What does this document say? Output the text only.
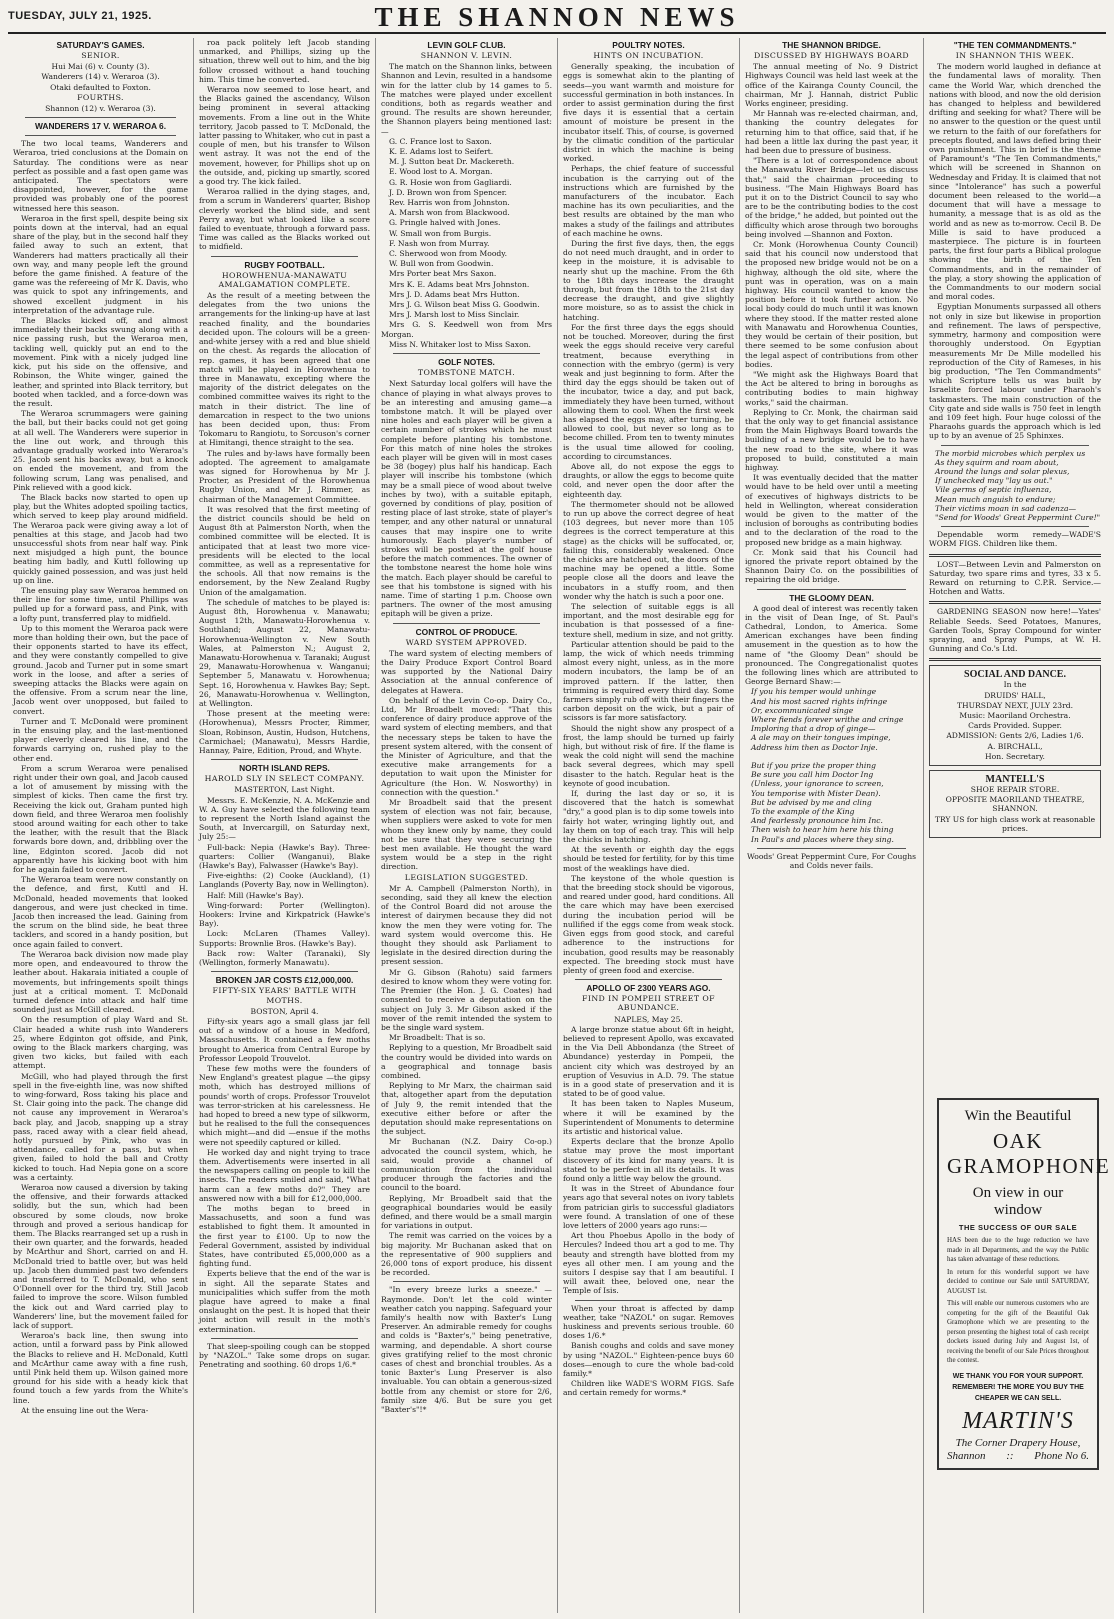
TUESDAY, JULY 21, 1925.	THE SHANNON NEWS
SATURDAY'S GAMES.
SENIOR.

Hui Mai (6) v. County (3).

Wanderers (14) v. Weraroa (3).

Otaki defaulted to Foxton.

FOURTHS.

Shannon (12) v. Weraroa (3).

WANDERERS 17 V. WERAROA 6.

The two local teams, Wanderers and Weraroa, tried conclusions at the Domain on Saturday. The conditions were as near perfect as possible and a fast open game was anticipated. The spectators were disappointed, however, for the game provided was probably one of the poorest witnessed here this season.

Weraroa in the first spell, despite being six points down at the interval, had an equal share of the play, but in the second half they failed away to such an extent, that Wanderers had matters practically all their own way, and many people left the ground before the game finished. A feature of the game was the refereeing of Mr K. Davis, who was quick to spot any infringements, and showed excellent judgment in his interpretation of the advantage rule.

The Blacks kicked off, and almost immediately their backs swung along with a nice passing rush, but the Weraroa men, tackling well, quickly put an end to the movement. Pink with a nicely judged line kick, put his side on the offensive, and Robinson, the White winger, gained the leather, and sprinted into Black territory, but booted when tackled, and a force-down was the result.

The Weraroa scrummagers were gaining the ball, but their backs could not get going at all well. The Wanderers were superior in the line out work, and through this advantage gradually worked into Weraroa's 25. Jacob sent his backs away, but a knock on ended the movement, and from the following scrum, Lang was penalised, and Pink relieved with a good kick.

The Black backs now started to open up play, but the Whites adopted spoiling tactics, which served to keep play around midfield. The Weraroa pack were giving away a lot of penalties at this stage, and Jacob had two unsuccessful shots from near half way. Pink next misjudged a high punt, the bounce beating him badly, and Kuttl following up quickly gained possession, and was just held up on line.

The ensuing play saw Weraroa hemmed on their line for some time, until Phillips was pulled up for a forward pass, and Pink, with a lofty punt, transferred play to midfield.

Up to this moment the Weraroa pack were more than holding their own, but the pace of their opponents started to have its effect, and they were constantly compelled to give ground. Jacob and Turner put in some smart work in the loose, and after a series of sweeping attacks the Blacks were again on the offensive. From a scrum near the line, Jacob went over unopposed, but failed to convert.

Turner and T. McDonald were prominent in the ensuing play, and the last-mentioned player cleverly cleared his line, and the forwards carrying on, rushed play to the other end.

From a scrum Weraroa were penalised right under their own goal, and Jacob caused a lot of amusement by missing with the simplest of kicks. Then came the first try. Receiving the kick out, Graham punted high down field, and three Weraroa men foolishly stood around waiting for each other to take the leather, with the result that the Black forwards bore down, and, dribbling over the line, Edginton scored. Jacob did not apparently have his kicking boot with him for he again failed to convert.

The Weraroa team were now constantly on the defence, and first, Kuttl and H. McDonald, headed movements that looked dangerous, and were just checked in time. Jacob then increased the lead. Gaining from the scrum on the blind side, he beat three tacklers, and scored in a handy position, but once again failed to convert.

The Weraroa back division now made play more open, and endeavoured to throw the leather about. Hakaraia initiated a couple of movements, but infringements spoilt things just at a critical moment. T. McDonald turned defence into attack and half time sounded just as McGill cleared.

On the resumption of play Ward and St. Clair headed a white rush into Wanderers 25, where Edginton got offside, and Pink, owing to the Black markers charging, was given two kicks, but failed with each attempt.

McGill, who had played through the first spell in the five-eighth line, was now shifted to wing-forward, Ross taking his place and St. Clair going into the pack. The change did not cause any improvement in Weraroa's back play, and Jacob, snapping up a stray pass, raced away with a clear field ahead, hotly pursued by Pink, who was in attendance, called for a pass, but when given, failed to hold the ball and Crotty kicked to touch. Had Nepia gone on a score was a certainty.

Weraroa now caused a diversion by taking the offensive, and their forwards attacked solidly, but the sun, which had been obscured by some clouds, now broke through and proved a serious handicap for them. The Blacks rearranged set up a rush in their own quarter, and the forwards, headed by McArthur and Short, carried on and H. McDonald tried to battle over, but was held up. Jacob then dummied past two defenders and transferred to T. McDonald, who sent O'Donnell over for the third try. Still Jacob failed to improve the score. Wilson fumbled the kick out and Ward carried play to Wanderers' line, but the movement failed for lack of support.

Weraroa's back line, then swung into action, until a forward pass by Pink allowed the Blacks to relieve and H. McDonald, Kuttl and McArthur came away with a fine rush, until Pink held them up. Wilson gained more ground for his side with a heady kick that found touch a few yards from the White's line.

At the ensuing line out the Wera-

roa pack politely left Jacob standing unmarked, and Phillips, sizing up the situation, threw well out to him, and the big follow crossed without a hand touching him. This time he converted.

Weraroa now seemed to lose heart, and the Blacks gained the ascendancy, Wilson being prominent in several attacking movements. From a line out in the White territory, Jacob passed to T. McDonald, the latter passing to Whitaker, who cut in past a couple of men, but his transfer to Wilson went astray. It was not the end of the movement, however, for Phillips shot up on the outside, and, picking up smartly, scored a good try. The kick failed.

Weraroa rallied in the dying stages, and, from a scrum in Wanderers' quarter, Bishop cleverly worked the blind side, and sent Perry away, but what looked like a score failed to eventuate, through a forward pass. Time was called as the Blacks worked out to midfield.

RUGBY FOOTBALL.
HOROWHENUA-MANAWATU AMALGAMATION COMPLETE.

As the result of a meeting between the delegates from the two unions the arrangements for the linking-up have at last reached finality, and the boundaries decided upon. The colours will be a green-and-white jersey with a red and blue shield on the chest. As regards the allocation of rep. games, it has been agreed that one match will be played in Horowhenua to three in Manawatu, excepting where the majority of the district delegates on the combined committee waives its right to the match in their district. The line of demarcation in respect to the two unions has been decided upon, thus: From Tokomaru to Rangiotu, to Sorcuson's corner at Himitangi, thence straight to the sea.

The rules and by-laws have formally been adopted. The agreement to amalgamate was signed for Horowhenua by Mr J. Procter, as President of the Horowhenua Rugby Union, and Mr J. Rimmer, as chairman of the Management Committee.

It was resolved that the first meeting of the district councils should be held on August 8th at Palmerston North, when the combined committee will be elected. It is anticipated that at least two more vice-presidents will be elected to the local committee, as well as a representative for the schools. All that now remains is the endorsement, by the New Zealand Rugby Union of the amalgamation.

The schedule of matches to be played is: August 8th, Horowhenua v. Manawatu; August 12th, Manawatu-Horowhenua v. Southland; August 22, Manawatu-Horowhenua-Wellington v. New South Wales, at Palmerston N.; August 2, Manawatu-Horowhenua v. Taranaki; August 29, Manawatu-Horowhenua v. Wanganui; September 5, Manawatu v. Horowhenua; Sept. 16, Horowhenua v. Hawkes Bay; Sept. 26, Manawatu-Horowhenua v. Wellington, at Wellington.

Those present at the meeting were: (Horowhenua), Messrs Procter, Rimmer, Sloan, Robinson, Austin, Hudson, Hutchens, Carmichael; (Manawatu), Messrs Hardie, Hannay, Paire, Edition, Proud, and Whyte.

NORTH ISLAND REPS.
HAROLD SLY IN SELECT COMPANY.

MASTERTON, Last Night.

Messrs. E. McKenzie, N. A. McKenzie and W. A. Guy have selected the following team to represent the North Island against the South, at Invercargill, on Saturday next, July 25:—

Full-back: Nepia (Hawke's Bay). Three-quarters: Collier (Wanganui), Blake (Hawke's Bay), Falwasser (Hawke's Bay).

Five-eighths: (2) Cooke (Auckland), (1) Langlands (Poverty Bay, now in Wellington).

Half: Mill (Hawke's Bay).

Wing-forward: Porter (Wellington). Hookers: Irvine and Kirkpatrick (Hawke's Bay).

Lock: McLaren (Thames Valley). Supports: Brownlie Bros. (Hawke's Bay).

Back row: Walter (Taranaki), Sly (Wellington, formerly Manawatu).

BROKEN JAR COSTS £12,000,000.
FIFTY-SIX YEARS' BATTLE WITH MOTHS.

BOSTON, April 4.

Fifty-six years ago a small glass jar fell out of a window of a house in Medford, Massachusetts. It contained a few moths brought to America from Central Europe by Professor Leopold Trouvelot.

These few moths were the founders of New England's greatest plague —the gipsy moth, which has destroyed millions of pounds' worth of crops. Professor Trouvelot was terror-stricken at his carelessness. He had hoped to breed a new type of silkworm, but he realised to the full the consequences which might—and did —ensue if the moths were not speedily captured or killed.

He worked day and night trying to trace them. Advertisements were inserted in all the newspapers calling on people to kill the insects. The readers smiled and said, "What harm can a few moths do?" They are answered now with a bill for £12,000,000.

The moths began to breed in Massachusetts, and soon a fund was established to fight them. It amounted in the first year to £100. Up to now the Federal Government, assisted by individual States, have contributed £5,000,000 as a fighting fund.

Experts believe that the end of the war is in sight. All the separate States and municipalities which suffer from the moth plague have agreed to make a final onslaught on the pest. It is hoped that their joint action will result in the moth's extermination.

That sleep-spoiling cough can be stopped by "NAZOL." Take some drops on sugar. Penetrating and soothing. 60 drops 1/6.*

LEVIN GOLF CLUB.
SHANNON V. LEVIN.

The match on the Shannon links, between Shannon and Levin, resulted in a handsome win for the latter club by 14 games to 5. The matches were played under excellent conditions, both as regards weather and ground. The results are shown hereunder, the Shannon players being mentioned last:—

G. C. France lost to Saxon.

K. E. Adams lost to Seifert.

M. J. Sutton beat Dr. Mackereth.

E. Wood lost to A. Morgan.

G. R. Hosie won from Gagliardi.

J. D. Brown won from Spencer.

Rev. Harris won from Johnston.

A. Marsh won from Blackwood.

G. Pringle halved with Jones.

W. Small won from Burgis.

F. Nash won from Murray.

C. Sherwood won from Moody.

W. Bull won from Goodwin.

Mrs Porter beat Mrs Saxon.

Mrs K. E. Adams beat Mrs Johnston.

Mrs J. D. Adams beat Mrs Hutton.

Mrs J. G. Wilson beat Miss G. Goodwin.

Mrs J. Marsh lost to Miss Sinclair.

Mrs G. S. Keedwell won from Mrs Morgan.

Miss N. Whitaker lost to Miss Saxon.

GOLF NOTES.
TOMBSTONE MATCH.

Next Saturday local golfers will have the chance of playing in what always proves to be an interesting and amusing game—a tombstone match. It will be played over nine holes and each player will be given a certain number of strokes which he must complete before planting his tombstone. For this match of nine holes the strokes each player will be given will in most cases be 38 (bogey) plus half his handicap. Each player will inscribe his tombstone (which may be a small piece of wood about twelve inches by two), with a suitable epitaph, governed by conditions of play, position of resting place of last stroke, state of player's temper, and any other natural or unnatural causes that may inspire one to write humorously. Each player's number of strokes will be posted at the golf house before the match commences. The owner of the tombstone nearest the home hole wins the match. Each player should be careful to see that his tombstone is signed with his name. Time of starting 1 p.m. Choose own partners. The owner of the most amusing epitaph will be given a prize.

CONTROL OF PRODUCE.
WARD SYSTEM APPROVED.

The ward system of electing members of the Dairy Produce Export Control Board was supported by the National Dairy Association at the annual conference of delegates at Hawera.

On behalf of the Levin Co-op. Dairy Co., Ltd, Mr Broadbelt moved: "That this conference of dairy produce approve of the ward system of electing members, and that the necessary steps be taken to have the present system altered, with the consent of the Minister of Agriculture, and that the executive make arrangements for a deputation to wait upon the Minister for Agriculture (the Hon. W. Nosworthy) in connection with the question."

Mr Broadbelt said that the present system of election was not fair, because, when suppliers were asked to vote for men whom they knew only by name, they could not be sure that they were securing the best men available. He thought the ward system would be a step in the right direction.

LEGISLATION SUGGESTED.

Mr A. Campbell (Palmerston North), in seconding, said they all knew the election of the Control Board did not arouse the interest of dairymen because they did not know the men they were voting for. The ward system would overcome this. He thought they should ask Parliament to legislate in the desired direction during the present session.

Mr G. Gibson (Rahotu) said farmers desired to know whom they were voting for. The Premier (the Hon. J. G. Coates) had consented to receive a deputation on the subject on July 3. Mr Gibson asked if the mover of the remit intended the system to be the single ward system.

Mr Broadbelt: That is so.

Replying to a question, Mr Broadbelt said the country would be divided into wards on a geographical and tonnage basis combined.

Replying to Mr Marx, the chairman said that, altogether apart from the deputation of July 9, the remit intended that the executive either before or after the deputation should make representations on the subject.

Mr Buchanan (N.Z. Dairy Co-op.) advocated the council system, which, he said, would provide a channel of communication from the individual producer through the factories and the council to the board.

Replying, Mr Broadbelt said that the geographical boundaries would be easily defined, and there would be a small margin for variations in output.

The remit was carried on the voices by a big majority. Mr Buchanan asked that on the representative of 900 suppliers and 26,000 tons of export produce, his dissent be recorded.

"In every breeze lurks a sneeze." —Raymonde. Don't let the cold winter weather catch you napping. Safeguard your family's health now with Baxter's Lung Preserver. An admirable remedy for coughs and colds is "Baxter's," being penetrative, warming, and dependable. A short course gives gratifying relief to the most chronic cases of chest and bronchial troubles. As a tonic Baxter's Lung Preserver is also invaluable. You can obtain a generous-sized bottle from any chemist or store for 2/6, family size 4/6. But be sure you get "Baxter's"!*

POULTRY NOTES.
HINTS ON INCUBATION.

Generally speaking, the incubation of eggs is somewhat akin to the planting of seeds—you want warmth and moisture for successful germination in both instances. In order to assist germination during the first five days it is essential that a certain amount of moisture be present in the incubator itself. This, of course, is governed by the climatic condition of the particular district in which the machine is being worked.

Perhaps, the chief feature of successful incubation is the carrying out of the instructions which are furnished by the manufacturers of the incubator. Each machine has its own peculiarities, and the best results are obtained by the man who makes a study of the failings and attributes of each machine he owns.

During the first five days, then, the eggs do not need much draught, and in order to keep in the moisture, it is advisable to nearly shut up the machine. From the 6th to the 18th days increase the draught through, but from the 18th to the 21st day decrease the draught, and give slightly more moisture, so as to assist the chick in hatching.

For the first three days the eggs should not be touched. Moreover, during the first week the eggs should receive very careful treatment, because everything in connection with the embryo (germ) is very weak and just beginning to form. After the third day the eggs should be taken out of the incubator, twice a day, and put back, immediately they have been turned, without allowing them to cool. When the first week has elapsed the eggs may, after turning, be allowed to cool, but never so long as to become chilled. From ten to twenty minutes is the usual time allowed for cooling, according to circumstances.

Above all, do not expose the eggs to draughts, or allow the eggs to become quite cold, and never open the door after the eighteenth day.

The thermometer should not be allowed to run up above the correct degree of heat (103 degrees, but never more than 105 degrees is the correct temperature at this stage) as the chicks will be suffocated, or, failing this, considerably weakened. Once the chicks are hatched out, the doors of the machine may be opened a little. Some people close all the doors and leave the incubators in a stuffy room, and then wonder why the hatch is such a poor one.

The selection of suitable eggs is all important, and the most desirable egg for incubation is that possessed of a fine-texture shell, medium in size, and not gritty.

Particular attention should be paid to the lamp, the wick of which needs trimming almost every night, unless, as in the more modern incubators, the lamp be of an improved pattern. If the latter, then trimming is required every third day. Some farmers simply rub off with their fingers the carbon deposit on the wick, but a pair of scissors is far more satisfactory.

Should the night show any prospect of a frost, the lamp should be turned up fairly high, but without risk of fire. If the flame is weak the cold night will send the machine back several degrees, which may spell disaster to the hatch. Regular heat is the keynote of good incubation.

If, during the last day or so, it is discovered that the hatch is somewhat "dry," a good plan is to dip some towels into fairly hot water, wringing lightly out, and lay them on top of each tray. This will help the chicks in hatching.

At the seventh or eighth day the eggs should be tested for fertility, for by this time most of the weaklings have died.

The keystone of the whole question is that the breeding stock should be vigorous, and reared under good, hard conditions. All the care which may have been exercised during the incubation period will be nullified if the eggs come from weak stock. Given eggs from good stock, and careful adherence to the instructions for incubation, good results may be reasonably expected. The breeding stock must have plenty of green food and exercise.

APOLLO OF 2300 YEARS AGO.
FIND IN POMPEII STREET OF ABUNDANCE.

NAPLES, May 25.

A large bronze statue about 6ft in height, believed to represent Apollo, was excavated in the Via Dell Abbondanza (the Street of Abundance) yesterday in Pompeii, the ancient city which was destroyed by an eruption of Vesuvius in A.D. 79. The statue is in a good state of preservation and it is stated to be of good value.

It has been taken to Naples Museum, where it will be examined by the Superintendent of Monuments to determine its artistic and historical value.

Experts declare that the bronze Apollo statue may prove the most important discovery of its kind for many years. It is stated to be perfect in all its details. It was found only a little way below the ground.

It was in the Street of Abundance four years ago that several notes on ivory tablets from patrician girls to successful gladiators were found. A translation of one of these love letters of 2000 years ago runs:—

Art thou Phoebus Apollo in the body of Hercules? Indeed thou art a god to me. Thy beauty and strength have blotted from my eyes all other men. I am young and the suitors I despise say that I am beautiful. I will await thee, beloved one, near the Temple of Isis.

When your throat is affected by damp weather, take "NAZOL" on sugar. Removes huskiness and prevents serious trouble. 60 doses 1/6.*

Banish coughs and colds and save money by using "NAZOL." Eighteen-pence buys 60 doses—enough to cure the whole bad-cold family.*

Children like WADE'S WORM FIGS. Safe and certain remedy for worms.*

THE SHANNON BRIDGE.
DISCUSSED BY HIGHWAYS BOARD

The annual meeting of No. 9 District Highways Council was held last week at the office of the Kairanga County Council, the chairman, Mr J. Hannah, district Public Works engineer, presiding.

Mr Hannah was re-elected chairman, and, thanking the country delegates for returning him to that office, said that, if he had been a little lax during the past year, it had been due to pressure of business.

"There is a lot of correspondence about the Manawatu River Bridge—let us discuss that," said the chairman proceeding to business. "The Main Highways Board has put it on to the District Council to say who are to be the contributing bodies to the cost of the bridge," he added, but pointed out the difficulty which arose through two boroughs being involved —Shannon and Foxton.

Cr. Monk (Horowhenua County Council) said that his council now understood that the proposed new bridge would not be on a highway, although the old site, where the punt was in operation, was on a main highway. His council wanted to know the position before it took further action. No local body could do much until it was known where they stood. If the matter rested alone with Manawatu and Horowhenua Counties, they would be certain of their position, but there seemed to be some confusion about the legal aspect of contributions from other bodies.

"We might ask the Highways Board that the Act be altered to bring in boroughs as contributing bodies to main highway works," said the chairman.

Replying to Cr. Monk, the chairman said that the only way to get financial assistance from the Main Highways Board towards the building of a new bridge would be to have the new road to the site, where it was proposed to build, constituted a main highway.

It was eventually decided that the matter would have to be held over until a meeting of executives of highways districts to be held in Wellington, whereat consideration would be given to the matter of the inclusion of boroughs as contributing bodies and to the declaration of the road to the proposed new bridge as a main highway.

Cr. Monk said that his Council had ignored the private report obtained by the Shannon Dairy Co. on the possibilities of repairing the old bridge.

THE GLOOMY DEAN.

A good deal of interest was recently taken in the visit of Dean Inge, of St. Paul's Cathedral, London, to America. Some American exchanges have been finding amusement in the question as to how the name of "the Gloomy Dean" should be pronounced. The Congregationalist quotes the following lines which are attributed to George Bernard Shaw:—

If you his temper would unhinge

And his most sacred rights infringe

Or, excommunicated singe

Where fiends forever writhe and cringe

Imploring that a drop of ginge—

A ale may on their tongues impinge,

Address him then as Doctor Inje.

But if you prize the proper thing

Be sure you call him Doctor Ing

(Unless, your ignorance to screen,

You temporise with Mister Dean).

But be advised by me and cling

To the example of the King

And fearlessly pronounce him Inc.

Then wish to hear him here his thing

In Paul's and places where they sing.

Woods' Great Peppermint Cure, For Coughs and Colds never fails.

"THE TEN COMMANDMENTS."
IN SHANNON THIS WEEK.

The modern world laughed in defiance at the fundamental laws of morality. Then came the World War, which drenched the nations with blood, and now the old derision has changed to helpless and bewildered drifting and seeking for what? There will be no answer to the question or the quest until we return to the faith of our forefathers for precepts flouted, and laws defied bring their own punishment. This in brief is the theme of Paramount's "The Ten Commandments," which will be screened in Shannon on Wednesday and Friday. It is claimed that not since "Intolerance" has such a powerful document been released to the world—a document that will have a message to humanity, a message that is as old as the world and as new as to-morrow. Cecil B. De Mille is said to have produced a masterpiece. The picture is in fourteen parts, the first four parts a Biblical prologue showing the birth of the Ten Commandments, and in the remainder of the play, a story showing the application of the Commandments to our modern social and moral codes.

Egyptian Monuments surpassed all others not only in size but likewise in proportion and refinement. The laws of perspective, symmetry, harmony and composition were thoroughly understood. On Egyptian measurements Mr De Mille modelled his reproduction of the City of Rameses, in his big production, "The Ten Commandments" which Scripture tells us was built by Israelite forced labour under Pharaoh's taskmasters. The main construction of the City gate and side walls is 750 feet in length and 109 feet high. Four huge colossi of the Pharaohs guards the approach which is led up to by an avenue of 25 Sphinxes.

The morbid microbes which perplex us

As they squirm and roam about,

Around the lungs and solar plexus,

If unchecked may "lay us out."

Vile germs of septic influenza,

Mean much anguish to endure;

Their victims moan in sad cadenza—

"Send for Woods' Great Peppermint Cure!"

Dependable worm remedy—WADE'S WORM FIGS. Children like them.

LOST—Between Levin and Palmerston on Saturday, two spare rims and tyres, 33 x 5. Reward on returning to C.P.R. Service.—Hotchen and Watts.

GARDENING SEASON now here!—Yates' Reliable Seeds. Seed Potatoes, Manures, Garden Tools, Spray Compound for winter spraying, and Spray Pumps, at W. H. Gunning and Co.'s Ltd.

SOCIAL AND DANCE.

In the

DRUIDS' HALL,

THURSDAY NEXT, JULY 23rd.

Music: Maoriland Orchestra.

Cards Provided. Supper.

ADMISSION: Gents 2/6, Ladies 1/6.

A. BIRCHALL,

Hon. Secretary.

MANTELL'S

SHOE REPAIR STORE.

OPPOSITE MAORILAND THEATRE, SHANNON.

TRY US for high class work at reasonable prices.

Win the Beautiful
OAK GRAMOPHONE
On view in our window
THE SUCCESS OF OUR SALE

HAS been due to the huge reduction we have made in all Departments, and the way the Public has taken advantage of these reductions.

In return for this wonderful support we have decided to continue our Sale until SATURDAY, AUGUST 1st.

This will enable our numerous customers who are competing for the gift of the Beautiful Oak Gramophone which we are presenting to the person presenting the highest total of cash receipt dockets issued during July and August 1st, of receiving the benefit of our Sale Prices throughout the contest.

WE THANK YOU FOR YOUR SUPPORT. REMEMBER! THE MORE YOU BUY THE CHEAPER WE CAN SELL.
MARTIN'S
The Corner Drapery House,
Shannon :: Phone No 6.
